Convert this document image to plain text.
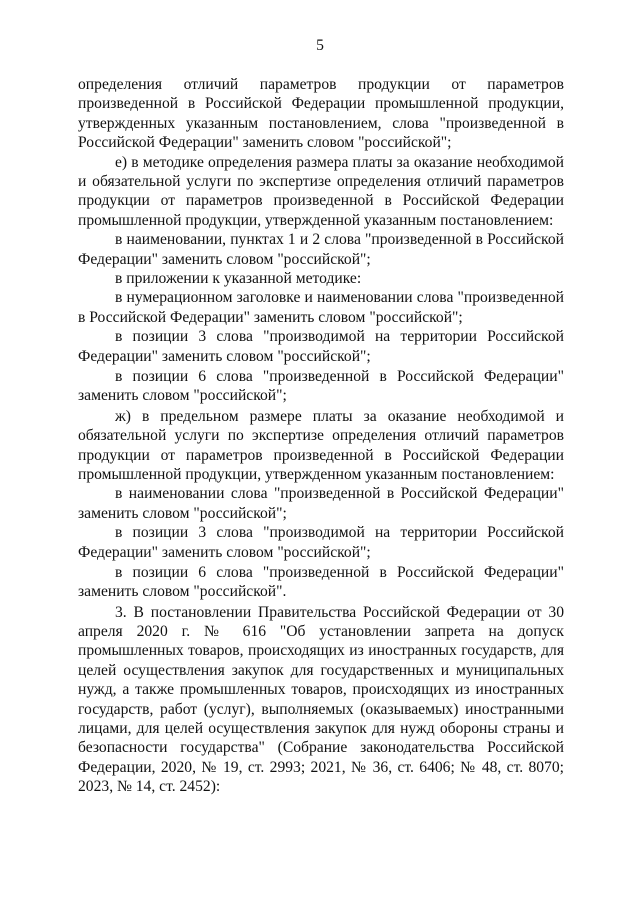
5

определения отличий параметров продукции от параметров произведенной в Российской Федерации промышленной продукции, утвержденных указанным постановлением, слова "произведенной в Российской Федерации" заменить словом "российской";

е) в методике определения размера платы за оказание необходимой и обязательной услуги по экспертизе определения отличий параметров продукции от параметров произведенной в Российской Федерации промышленной продукции, утвержденной указанным постановлением:

в наименовании, пунктах 1 и 2 слова "произведенной в Российской Федерации" заменить словом "российской";

в приложении к указанной методике:

в нумерационном заголовке и наименовании слова "произведенной в Российской Федерации" заменить словом "российской";

в позиции 3 слова "производимой на территории Российской Федерации" заменить словом "российской";

в позиции 6 слова "произведенной в Российской Федерации" заменить словом "российской";

ж) в предельном размере платы за оказание необходимой и обязательной услуги по экспертизе определения отличий параметров продукции от параметров произведенной в Российской Федерации промышленной продукции, утвержденном указанным постановлением:

в наименовании слова "произведенной в Российской Федерации" заменить словом "российской";

в позиции 3 слова "производимой на территории Российской Федерации" заменить словом "российской";

в позиции 6 слова "произведенной в Российской Федерации" заменить словом "российской".

3. В постановлении Правительства Российской Федерации от 30 апреля 2020 г. № 616 "Об установлении запрета на допуск промышленных товаров, происходящих из иностранных государств, для целей осуществления закупок для государственных и муниципальных нужд, а также промышленных товаров, происходящих из иностранных государств, работ (услуг), выполняемых (оказываемых) иностранными лицами, для целей осуществления закупок для нужд обороны страны и безопасности государства" (Собрание законодательства Российской Федерации, 2020, № 19, ст. 2993; 2021, № 36, ст. 6406; № 48, ст. 8070; 2023, № 14, ст. 2452):
